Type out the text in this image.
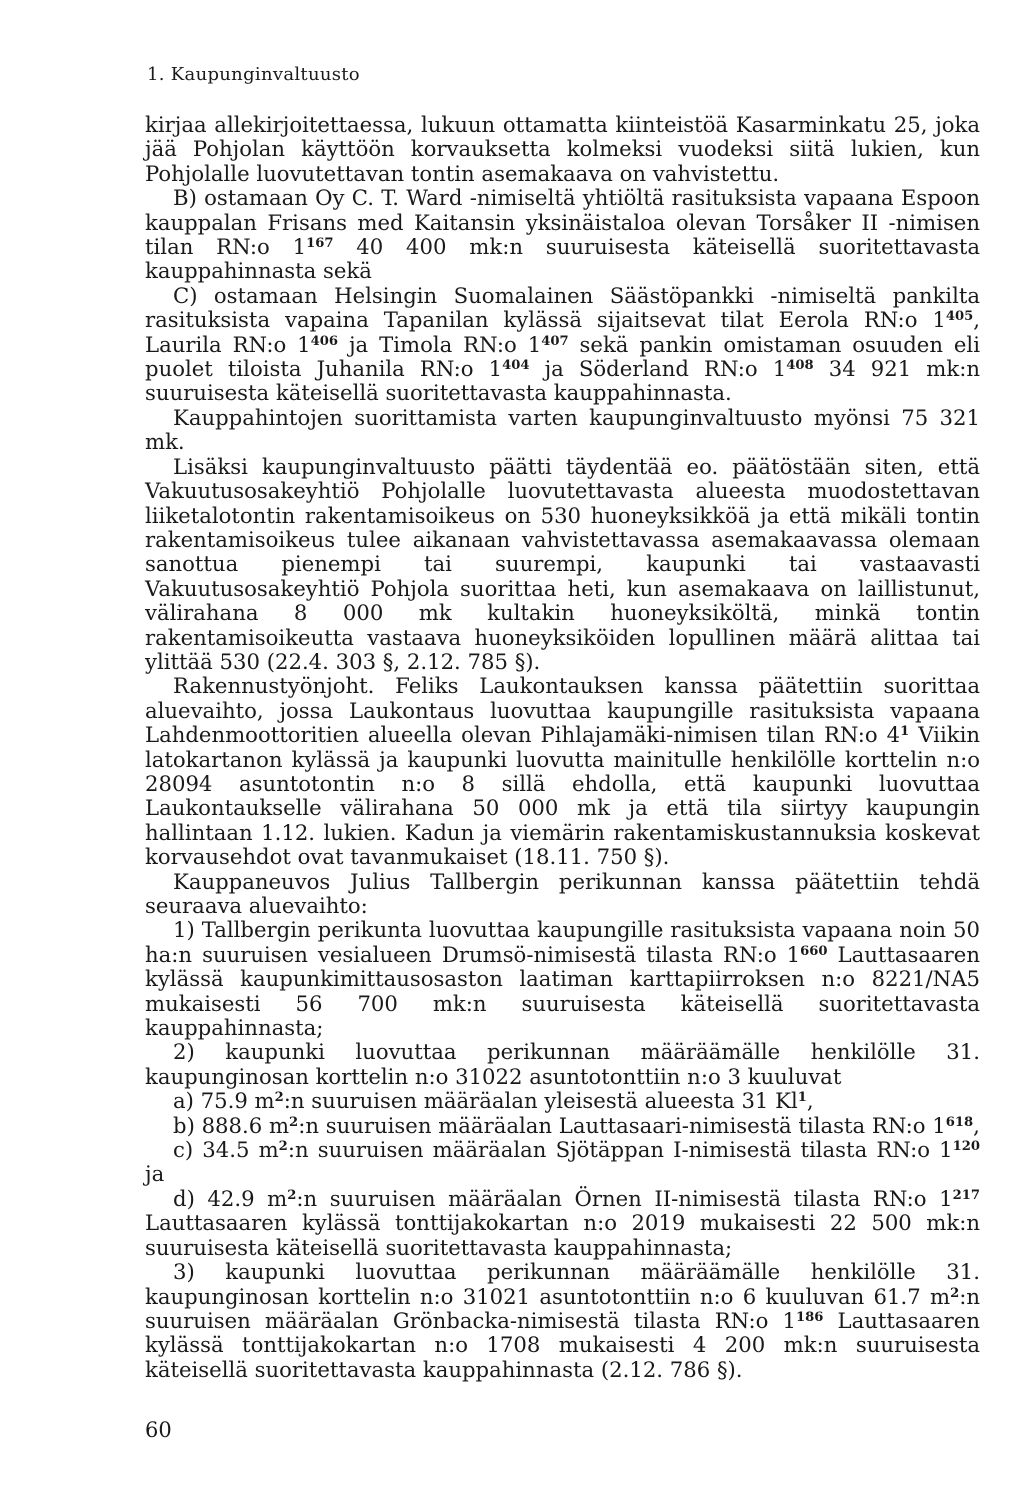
1. Kaupunginvaltuusto

kirjaa allekirjoitettaessa, lukuun ottamatta kiinteistöä Kasarminkatu 25, joka jää Pohjolan käyttöön korvauksetta kolmeksi vuodeksi siitä lukien, kun Pohjolalle luovutettavan tontin asemakaava on vahvistettu.

B) ostamaan Oy C. T. Ward -nimiseltä yhtiöltä rasituksista vapaana Espoon kauppalan Frisans med Kaitansin yksinäistaloa olevan Torsåker II -nimisen tilan RN:o $1^{167}$ 40 400 mk:n suuruisesta käteisellä suoritettavasta kauppahinnasta sekä

C) ostamaan Helsingin Suomalainen Säästöpankki -nimiseltä pankilta rasituksista vapaina Tapanilan kylässä sijaitsevat tilat Eerola RN:o $1^{405}$, Laurila RN:o $1^{406}$ ja Timola RN:o $1^{407}$ sekä pankin omistaman osuuden eli puolet tiloista Juhanila RN:o $1^{404}$ ja Söderland RN:o $1^{408}$ 34 921 mk:n suuruisesta käteisellä suoritettavasta kauppahinnasta.

Kauppahintojen suorittamista varten kaupunginvaltuusto myönsi 75 321 mk.

Lisäksi kaupunginvaltuusto päätti täydentää eo. päätöstään siten, että Vakuutusosakeyhtiö Pohjolalle luovutettavasta alueesta muodostettavan liiketalotontin rakentamisoikeus on 530 huoneyksikköä ja että mikäli tontin rakentamisoikeus tulee aikanaan vahvistettavassa asemakaavassa olemaan sanottua pienempi tai suurempi, kaupunki tai vastaavasti Vakuutusosakeyhtiö Pohjola suorittaa heti, kun asemakaava on laillistunut, välirahana 8 000 mk kultakin huoneyksiköltä, minkä tontin rakentamisoikeutta vastaava huoneyksiköiden lopullinen määrä alittaa tai ylittää 530 (22.4. 303 §, 2.12. 785 §).

Rakennustyönjoht. Feliks Laukontauksen kanssa päätettiin suorittaa aluevaihto, jossa Laukontaus luovuttaa kaupungille rasituksista vapaana Lahdenmoottoritien alueella olevan Pihlajamäki-nimisen tilan RN:o $4^1$ Viikin latokartanon kylässä ja kaupunki luovutta mainitulle henkilölle korttelin n:o 28094 asuntotontin n:o 8 sillä ehdolla, että kaupunki luovuttaa Laukontaukselle välirahana 50 000 mk ja että tila siirtyy kaupungin hallintaan 1.12. lukien. Kadun ja viemärin rakentamiskustannuksia koskevat korvausehdot ovat tavanmukaiset (18.11. 750 §).

Kauppaneuvos Julius Tallbergin perikunnan kanssa päätettiin tehdä seuraava aluevaihto:

1) Tallbergin perikunta luovuttaa kaupungille rasituksista vapaana noin 50 ha:n suuruisen vesialueen Drumsö-nimisestä tilasta RN:o $1^{660}$ Lauttasaaren kylässä kaupunkimittausosaston laatiman karttapiirroksen n:o 8221/NA5 mukaisesti 56 700 mk:n suuruisesta käteisellä suoritettavasta kauppahinnasta;

2) kaupunki luovuttaa perikunnan määräämälle henkilölle 31. kaupunginosan korttelin n:o 31022 asuntotonttiin n:o 3 kuuluvat

a) 75.9 $m^2:n$ suuruisen määräalan yleisestä alueesta 31 Kl$^1$,

b) 888.6 $m^2:n$ suuruisen määräalan Lauttasaari-nimisestä tilasta RN:o $1^{618}$,

c) 34.5 $m^2:n$ suuruisen määräalan Sjötäppan I-nimisestä tilasta RN:o $1^{120}$ ja

d) 42.9 $m^2:n$ suuruisen määräalan Örnen II-nimisestä tilasta RN:o $1^{217}$ Lauttasaaren kylässä tonttijakokartan n:o 2019 mukaisesti 22 500 mk:n suuruisesta käteisellä suoritettavasta kauppahinnasta;

3) kaupunki luovuttaa perikunnan määräämälle henkilölle 31. kaupunginosan korttelin n:o 31021 asuntotonttiin n:o 6 kuuluvan 61.7 $m^2:n$ suuruisen määräalan Grönbacka-nimisestä tilasta RN:o $1^{186}$ Lauttasaaren kylässä tonttijakokartan n:o 1708 mukaisesti 4 200 mk:n suuruisesta käteisellä suoritettavasta kauppahinnasta (2.12. 786 §).

60
